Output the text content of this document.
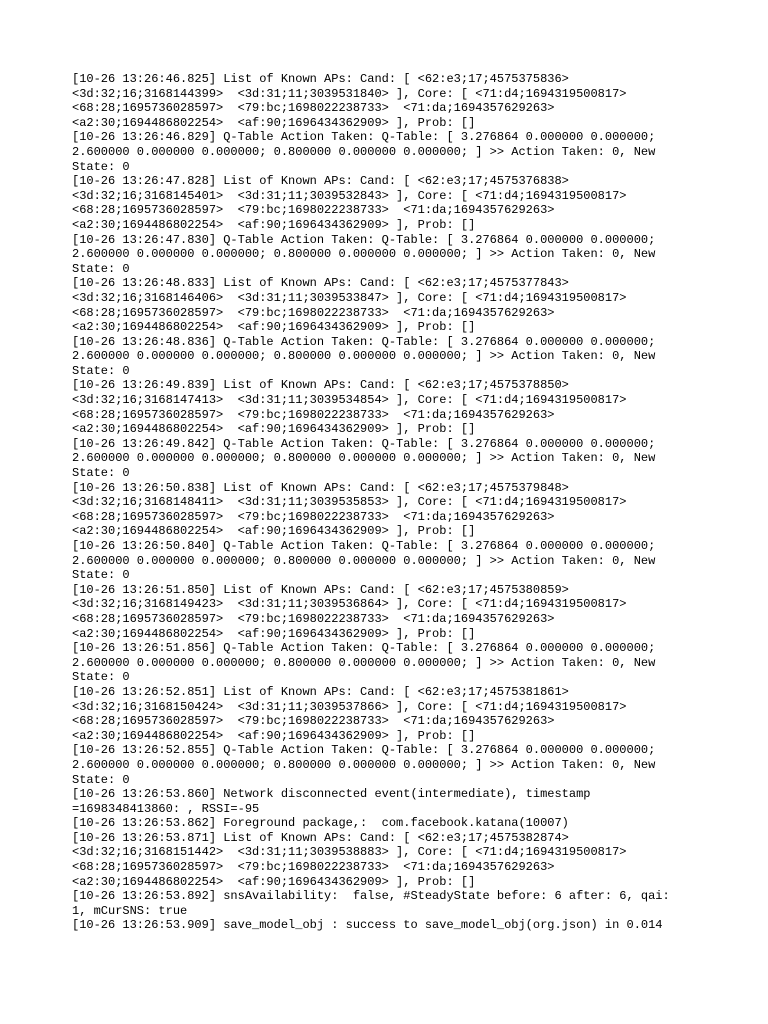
[10-26 13:26:46.825] List of Known APs: Cand: [ <62:e3;17;4575375836>
<3d:32;16;3168144399>  <3d:31;11;3039531840> ], Core: [ <71:d4;1694319500817>
<68:28;1695736028597>  <79:bc;1698022238733>  <71:da;1694357629263>
<a2:30;1694486802254>  <af:90;1696434362909> ], Prob: []
[10-26 13:26:46.829] Q-Table Action Taken: Q-Table: [ 3.276864 0.000000 0.000000;
2.600000 0.000000 0.000000; 0.800000 0.000000 0.000000; ] >> Action Taken: 0, New
State: 0
[10-26 13:26:47.828] List of Known APs: Cand: [ <62:e3;17;4575376838>
<3d:32;16;3168145401>  <3d:31;11;3039532843> ], Core: [ <71:d4;1694319500817>
<68:28;1695736028597>  <79:bc;1698022238733>  <71:da;1694357629263>
<a2:30;1694486802254>  <af:90;1696434362909> ], Prob: []
[10-26 13:26:47.830] Q-Table Action Taken: Q-Table: [ 3.276864 0.000000 0.000000;
2.600000 0.000000 0.000000; 0.800000 0.000000 0.000000; ] >> Action Taken: 0, New
State: 0
[10-26 13:26:48.833] List of Known APs: Cand: [ <62:e3;17;4575377843>
<3d:32;16;3168146406>  <3d:31;11;3039533847> ], Core: [ <71:d4;1694319500817>
<68:28;1695736028597>  <79:bc;1698022238733>  <71:da;1694357629263>
<a2:30;1694486802254>  <af:90;1696434362909> ], Prob: []
[10-26 13:26:48.836] Q-Table Action Taken: Q-Table: [ 3.276864 0.000000 0.000000;
2.600000 0.000000 0.000000; 0.800000 0.000000 0.000000; ] >> Action Taken: 0, New
State: 0
[10-26 13:26:49.839] List of Known APs: Cand: [ <62:e3;17;4575378850>
<3d:32;16;3168147413>  <3d:31;11;3039534854> ], Core: [ <71:d4;1694319500817>
<68:28;1695736028597>  <79:bc;1698022238733>  <71:da;1694357629263>
<a2:30;1694486802254>  <af:90;1696434362909> ], Prob: []
[10-26 13:26:49.842] Q-Table Action Taken: Q-Table: [ 3.276864 0.000000 0.000000;
2.600000 0.000000 0.000000; 0.800000 0.000000 0.000000; ] >> Action Taken: 0, New
State: 0
[10-26 13:26:50.838] List of Known APs: Cand: [ <62:e3;17;4575379848>
<3d:32;16;3168148411>  <3d:31;11;3039535853> ], Core: [ <71:d4;1694319500817>
<68:28;1695736028597>  <79:bc;1698022238733>  <71:da;1694357629263>
<a2:30;1694486802254>  <af:90;1696434362909> ], Prob: []
[10-26 13:26:50.840] Q-Table Action Taken: Q-Table: [ 3.276864 0.000000 0.000000;
2.600000 0.000000 0.000000; 0.800000 0.000000 0.000000; ] >> Action Taken: 0, New
State: 0
[10-26 13:26:51.850] List of Known APs: Cand: [ <62:e3;17;4575380859>
<3d:32;16;3168149423>  <3d:31;11;3039536864> ], Core: [ <71:d4;1694319500817>
<68:28;1695736028597>  <79:bc;1698022238733>  <71:da;1694357629263>
<a2:30;1694486802254>  <af:90;1696434362909> ], Prob: []
[10-26 13:26:51.856] Q-Table Action Taken: Q-Table: [ 3.276864 0.000000 0.000000;
2.600000 0.000000 0.000000; 0.800000 0.000000 0.000000; ] >> Action Taken: 0, New
State: 0
[10-26 13:26:52.851] List of Known APs: Cand: [ <62:e3;17;4575381861>
<3d:32;16;3168150424>  <3d:31;11;3039537866> ], Core: [ <71:d4;1694319500817>
<68:28;1695736028597>  <79:bc;1698022238733>  <71:da;1694357629263>
<a2:30;1694486802254>  <af:90;1696434362909> ], Prob: []
[10-26 13:26:52.855] Q-Table Action Taken: Q-Table: [ 3.276864 0.000000 0.000000;
2.600000 0.000000 0.000000; 0.800000 0.000000 0.000000; ] >> Action Taken: 0, New
State: 0
[10-26 13:26:53.860] Network disconnected event(intermediate), timestamp
=1698348413860: , RSSI=-95
[10-26 13:26:53.862] Foreground package,:  com.facebook.katana(10007)
[10-26 13:26:53.871] List of Known APs: Cand: [ <62:e3;17;4575382874>
<3d:32;16;3168151442>  <3d:31;11;3039538883> ], Core: [ <71:d4;1694319500817>
<68:28;1695736028597>  <79:bc;1698022238733>  <71:da;1694357629263>
<a2:30;1694486802254>  <af:90;1696434362909> ], Prob: []
[10-26 13:26:53.892] snsAvailability:  false, #SteadyState before: 6 after: 6, qai:
1, mCurSNS: true
[10-26 13:26:53.909] save_model_obj : success to save_model_obj(org.json) in 0.014
